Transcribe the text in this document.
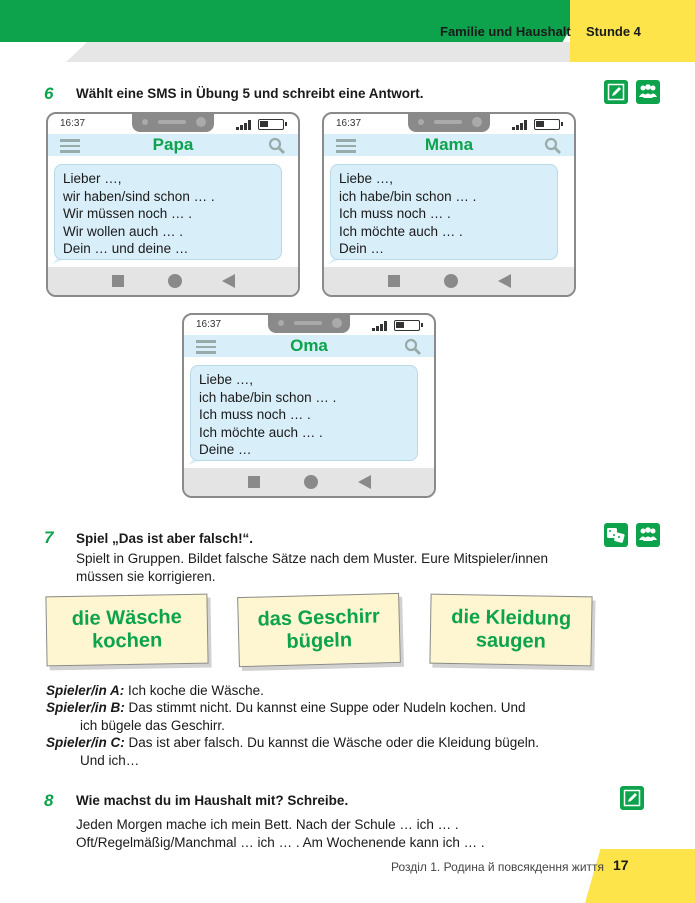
Familie und Haushalt Stunde 4
6 Wählt eine SMS in Übung 5 und schreibt eine Antwort.
16:37
Papa
Lieber …,
wir haben/sind schon … .
Wir müssen noch … .
Wir wollen auch … .
Dein … und deine …
16:37
Mama
Liebe …,
ich habe/bin schon … .
Ich muss noch … .
Ich möchte auch … .
Dein …
16:37
Oma
Liebe …,
ich habe/bin schon … .
Ich muss noch … .
Ich möchte auch … .
Deine …
7 Spiel „Das ist aber falsch!“.
Spielt in Gruppen. Bildet falsche Sätze nach dem Muster. Eure Mitspieler/innen
müssen sie korrigieren.
die Wäsche
kochen
das Geschirr
bügeln
die Kleidung
saugen
Spieler/in A: Ich koche die Wäsche.
Spieler/in B: Das stimmt nicht. Du kannst eine Suppe oder Nudeln kochen. Und
ich bügele das Geschirr.
Spieler/in C: Das ist aber falsch. Du kannst die Wäsche oder die Kleidung bügeln.
Und ich…
8 Wie machst du im Haushalt mit? Schreibe.
Jeden Morgen mache ich mein Bett. Nach der Schule … ich … .
Oft/Regelmäßig/Manchmal … ich … . Am Wochenende kann ich … .
Розділ 1. Родина й повсякдення життя 17
